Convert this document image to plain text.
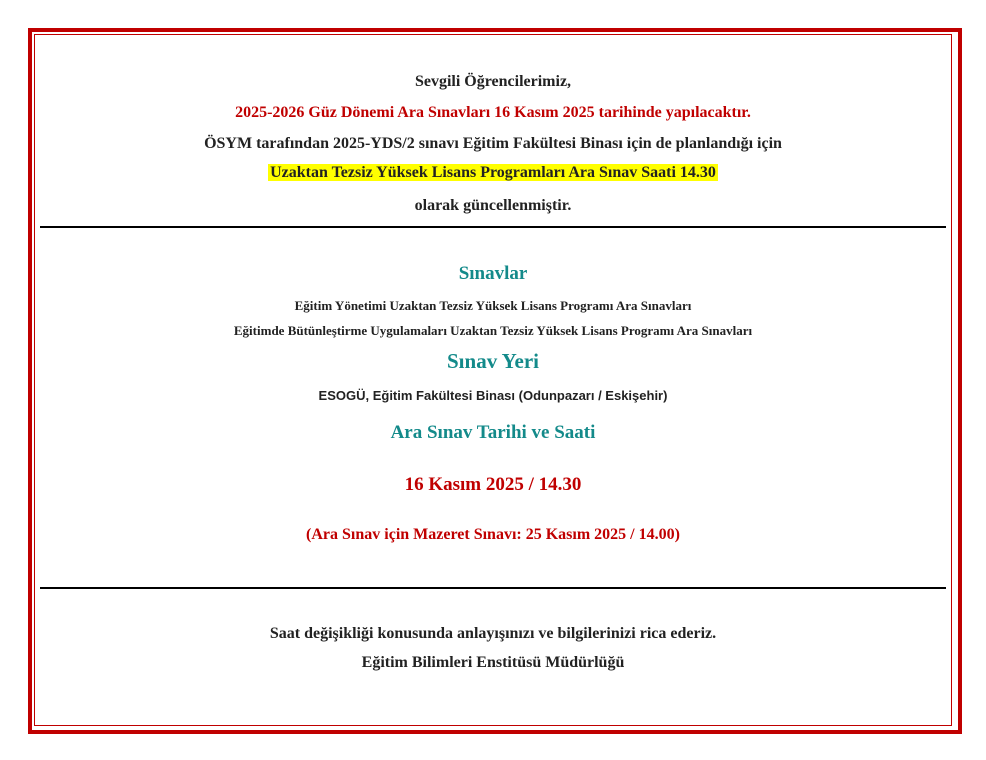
Sevgili Öğrencilerimiz,
2025-2026 Güz Dönemi Ara Sınavları 16 Kasım 2025 tarihinde yapılacaktır.
ÖSYM tarafından 2025-YDS/2 sınavı Eğitim Fakültesi Binası için de planlandığı için
Uzaktan Tezsiz Yüksek Lisans Programları Ara Sınav Saati 14.30
olarak güncellenmiştir.
Sınavlar
Eğitim Yönetimi Uzaktan Tezsiz Yüksek Lisans Programı Ara Sınavları
Eğitimde Bütünleştirme Uygulamaları Uzaktan Tezsiz Yüksek Lisans Programı Ara Sınavları
Sınav Yeri
ESOGÜ, Eğitim Fakültesi Binası (Odunpazarı / Eskişehir)
Ara Sınav Tarihi ve Saati
16 Kasım 2025 / 14.30
(Ara Sınav için Mazeret Sınavı: 25 Kasım 2025 / 14.00)
Saat değişikliği konusunda anlayışınızı ve bilgilerinizi rica ederiz.
Eğitim Bilimleri Enstitüsü Müdürlüğü
